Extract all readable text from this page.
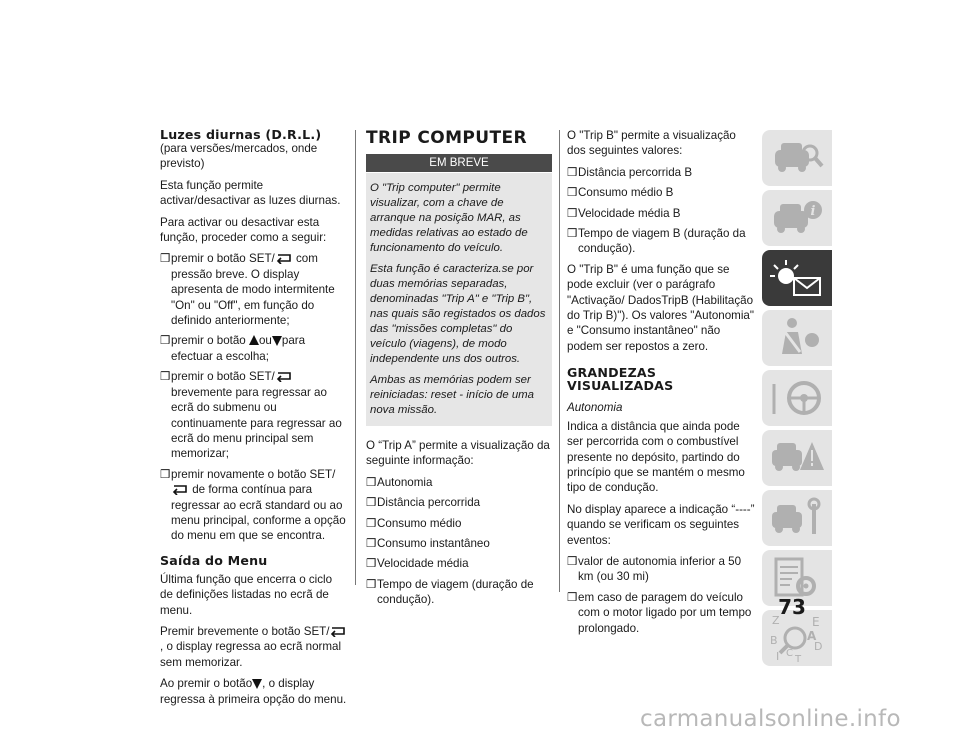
Luzes diurnas (D.R.L.)

(para versões/mercados, onde previsto)

Esta função permite activar/desactivar as luzes diurnas.

Para activar ou desactivar esta função, proceder como a seguir:

❒ premir o botão SET/ com pressão breve. O display apresenta de modo intermitente "On" ou "Off", em função do definido anteriormente;
❒ premir o botão ou para efectuar a escolha;
❒ premir o botão SET/ brevemente para regressar ao ecrã do submenu ou continuamente para regressar ao ecrã do menu principal sem memorizar;
❒ premir novamente o botão SET/ de forma contínua para regressar ao ecrã standard ou ao menu principal, conforme a opção do menu em que se encontra.
Saída do Menu

Última função que encerra o ciclo de definições listadas no ecrã de menu.

Premir brevemente o botão SET/ , o display regressa ao ecrã normal sem memorizar.

Ao premir o botão , o display regressa à primeira opção do menu.

TRIP COMPUTER
EM BREVE

O "Trip computer" permite visualizar, com a chave de arranque na posição MAR, as medidas relativas ao estado de funcionamento do veículo.

Esta função é caracteriza.se por duas memórias separadas, denominadas "Trip A" e "Trip B", nas quais são registados os dados das "missões completas" do veículo (viagens), de modo independente uns dos outros.

Ambas as memórias podem ser reiniciadas: reset - início de uma nova missão.

O “Trip A” permite a visualização da seguinte informação:

❒ Autonomia
❒ Distância percorrida
❒ Consumo médio
❒ Consumo instantâneo
❒ Velocidade média
❒ Tempo de viagem (duração de condução).

O "Trip B" permite a visualização dos seguintes valores:

❒ Distância percorrida B
❒ Consumo médio B
❒ Velocidade média B
❒ Tempo de viagem B (duração da condução).

O "Trip B" é uma função que se pode excluir (ver o parágrafo "Activação/ DadosTripB (Habilitação do Trip B)"). Os valores "Autonomia" e "Consumo instantâneo" não podem ser repostos a zero.

GRANDEZAS VISUALIZADAS

Autonomia

Indica a distância que ainda pode ser percorrida com o combustível presente no depósito, partindo do princípio que se mantém o mesmo tipo de condução.

No display aparece a indicação “----” quando se verificam os seguintes eventos:

❒ valor de autonomia inferior a 50 km (ou 30 mi)
❒ em caso de paragem do veículo com o motor ligado por um tempo prolongado.
i
Z	E
A
B
C
T
D
I
73
carmanualsonline.info
